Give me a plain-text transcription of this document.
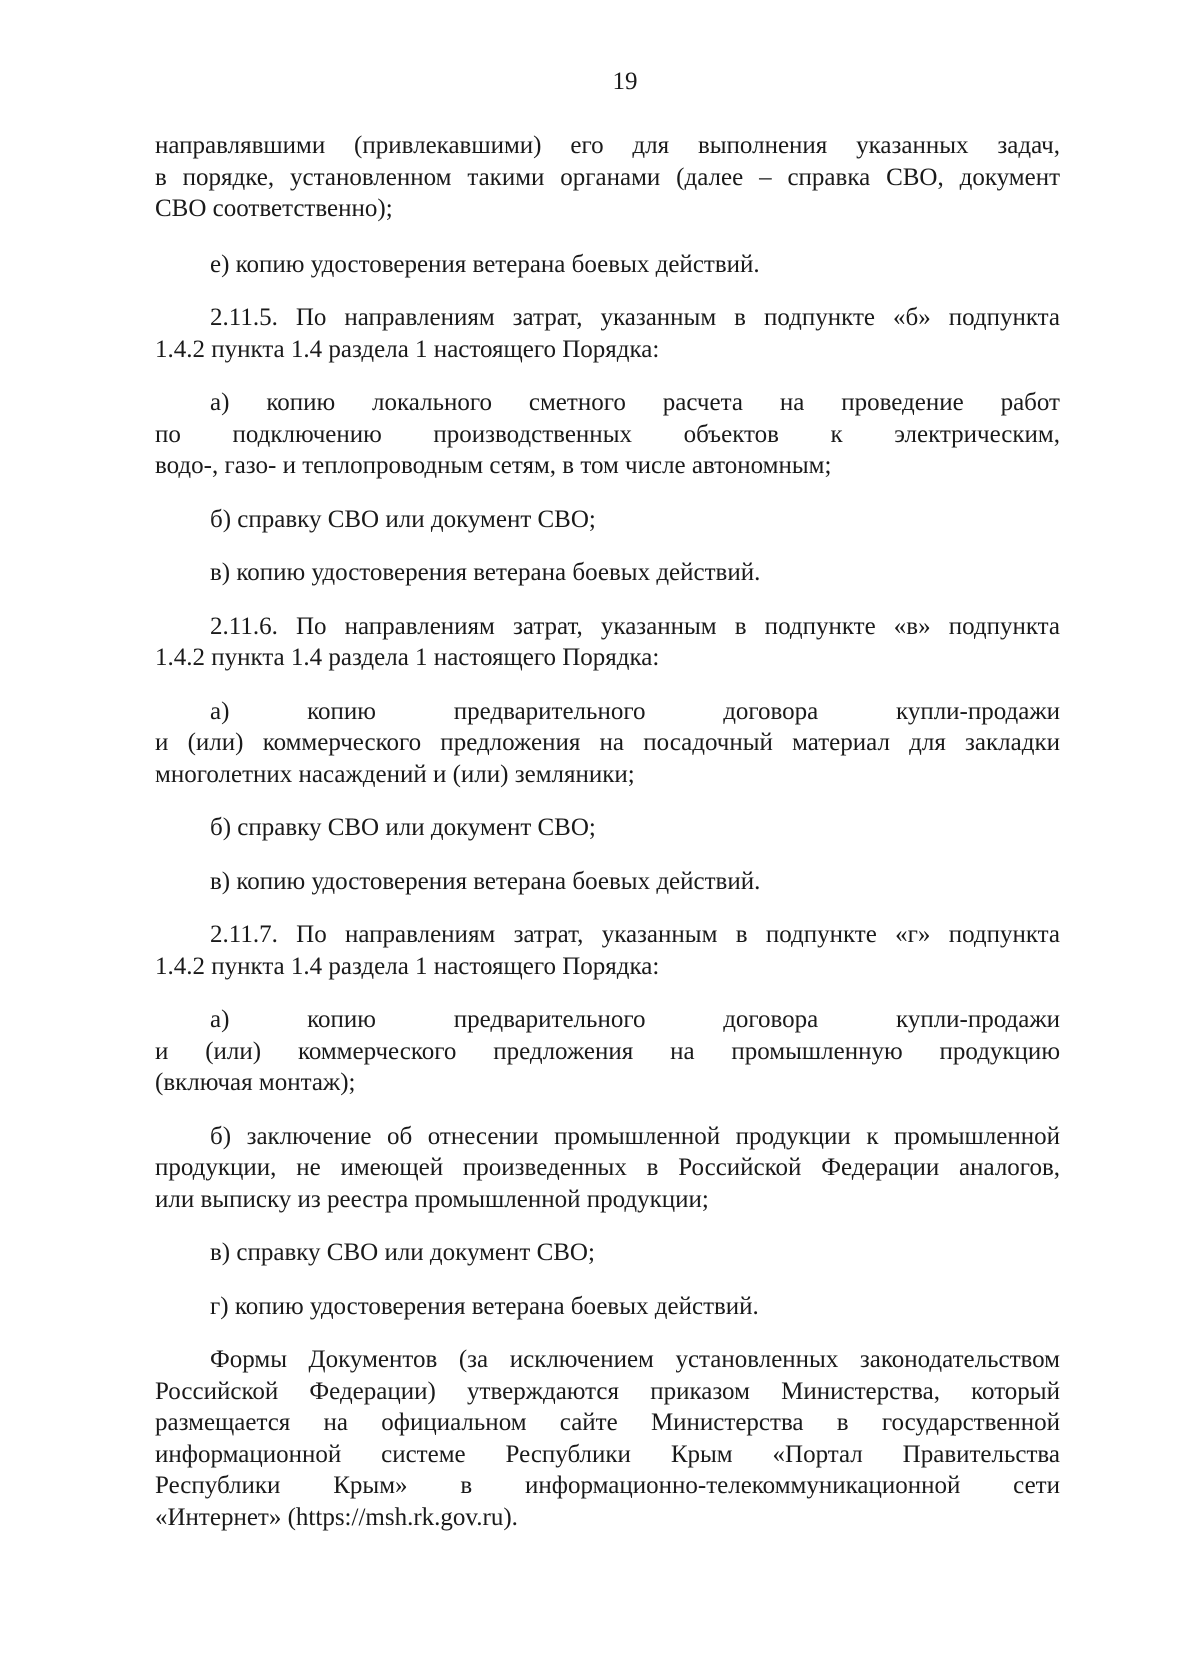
19
направлявшими (привлекавшими) его для выполнения указанных задач,
в порядке, установленном такими органами (далее – справка СВО, документ
СВО соответственно);
е) копию удостоверения ветерана боевых действий.
2.11.5. По направлениям затрат, указанным в подпункте «б» подпункта
1.4.2 пункта 1.4 раздела 1 настоящего Порядка:
а) копию локального сметного расчета на проведение работ
по подключению производственных объектов к электрическим,
водо-, газо- и теплопроводным сетям, в том числе автономным;
б) справку СВО или документ СВО;
в) копию удостоверения ветерана боевых действий.
2.11.6. По направлениям затрат, указанным в подпункте «в» подпункта
1.4.2 пункта 1.4 раздела 1 настоящего Порядка:
а) копию предварительного договора купли-продажи
и (или) коммерческого предложения на посадочный материал для закладки
многолетних насаждений и (или) земляники;
б) справку СВО или документ СВО;
в) копию удостоверения ветерана боевых действий.
2.11.7. По направлениям затрат, указанным в подпункте «г» подпункта
1.4.2 пункта 1.4 раздела 1 настоящего Порядка:
а) копию предварительного договора купли-продажи
и (или) коммерческого предложения на промышленную продукцию
(включая монтаж);
б) заключение об отнесении промышленной продукции к промышленной
продукции, не имеющей произведенных в Российской Федерации аналогов,
или выписку из реестра промышленной продукции;
в) справку СВО или документ СВО;
г) копию удостоверения ветерана боевых действий.
Формы Документов (за исключением установленных законодательством
Российской Федерации) утверждаются приказом Министерства, который
размещается на официальном сайте Министерства в государственной
информационной системе Республики Крым «Портал Правительства
Республики Крым» в информационно-телекоммуникационной сети
«Интернет» (https://msh.rk.gov.ru).
